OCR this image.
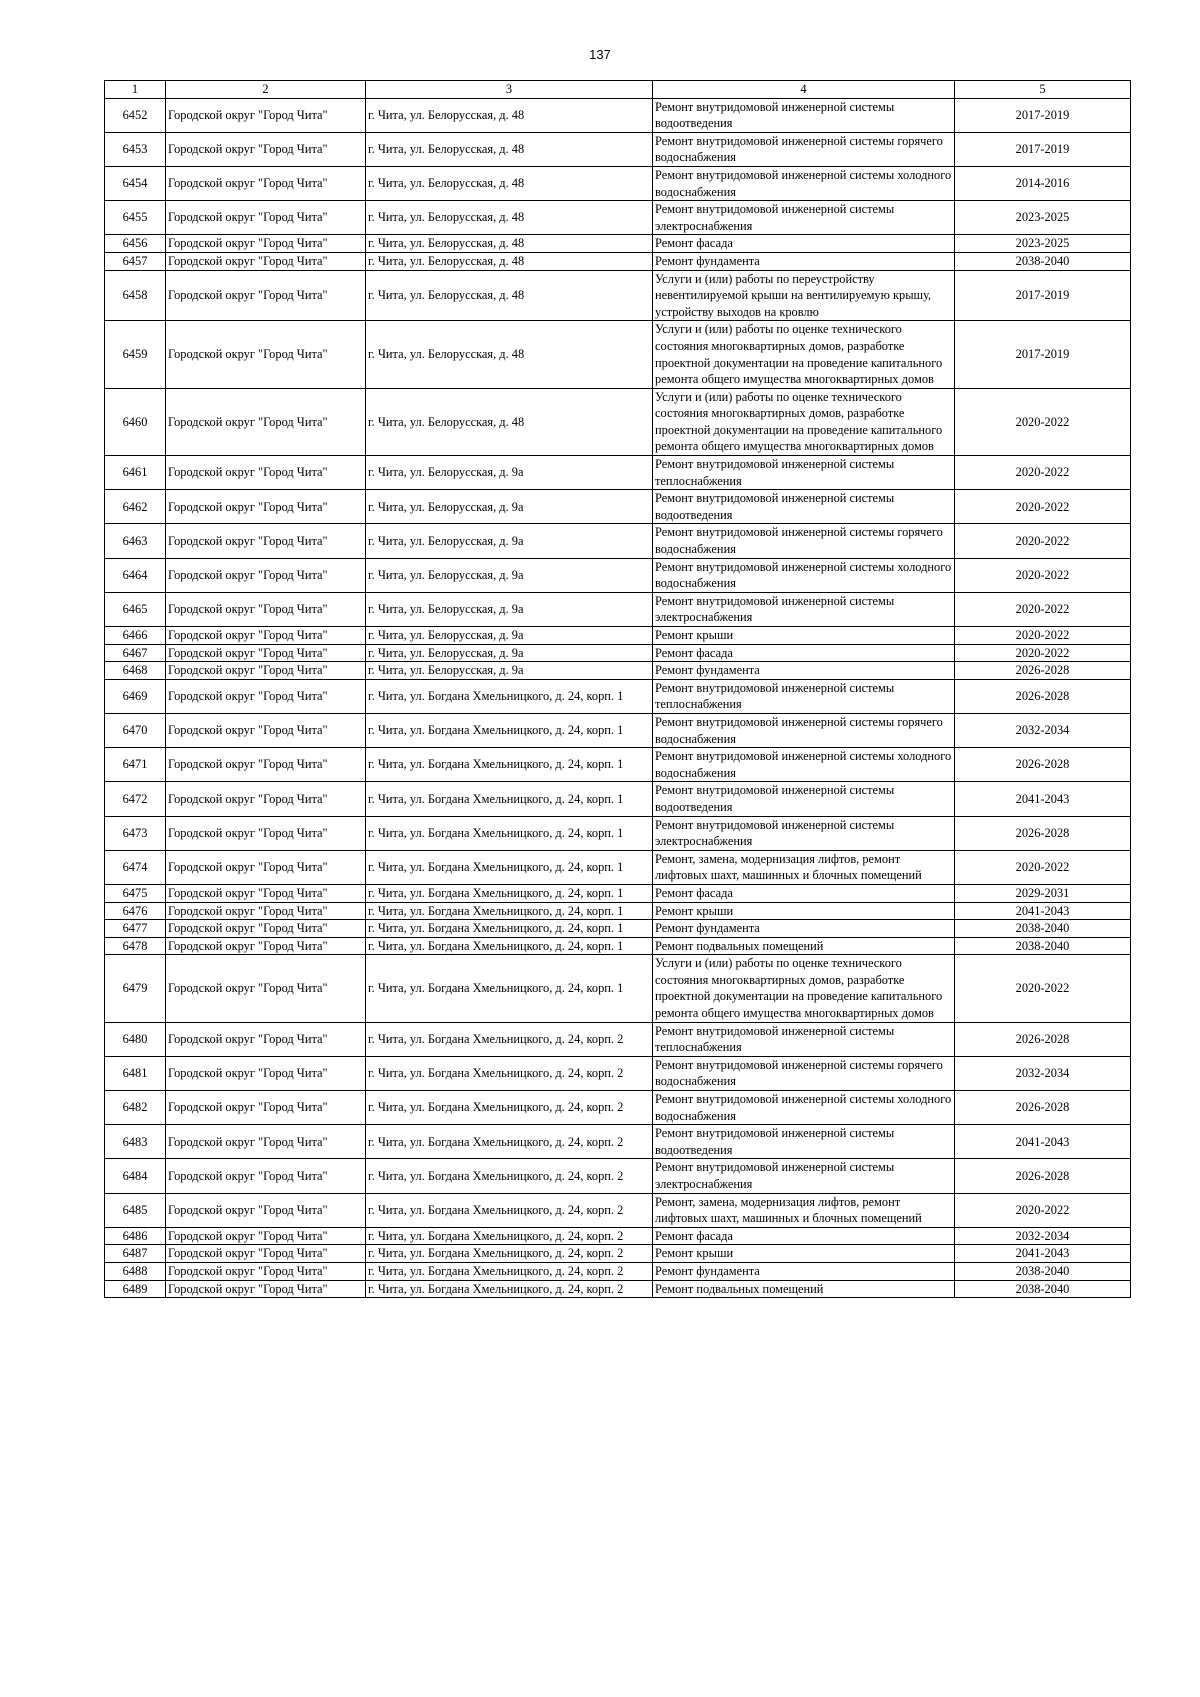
137
1	2	3	4	5
6452	Городской округ "Город Чита"	г. Чита, ул. Белорусская, д. 48	Ремонт внутридомовой инженерной системы водоотведения	2017-2019
6453	Городской округ "Город Чита"	г. Чита, ул. Белорусская, д. 48	Ремонт внутридомовой инженерной системы горячего водоснабжения	2017-2019
6454	Городской округ "Город Чита"	г. Чита, ул. Белорусская, д. 48	Ремонт внутридомовой инженерной системы холодного водоснабжения	2014-2016
6455	Городской округ "Город Чита"	г. Чита, ул. Белорусская, д. 48	Ремонт внутридомовой инженерной системы электроснабжения	2023-2025
6456	Городской округ "Город Чита"	г. Чита, ул. Белорусская, д. 48	Ремонт фасада	2023-2025
6457	Городской округ "Город Чита"	г. Чита, ул. Белорусская, д. 48	Ремонт фундамента	2038-2040
6458	Городской округ "Город Чита"	г. Чита, ул. Белорусская, д. 48	Услуги и (или) работы по переустройству невентилируемой крыши на вентилируемую крышу, устройству выходов на кровлю	2017-2019
6459	Городской округ "Город Чита"	г. Чита, ул. Белорусская, д. 48	Услуги и (или) работы по оценке технического состояния многоквартирных домов, разработке проектной документации на проведение капитального ремонта общего имущества многоквартирных домов	2017-2019
6460	Городской округ "Город Чита"	г. Чита, ул. Белорусская, д. 48	Услуги и (или) работы по оценке технического состояния многоквартирных домов, разработке проектной документации на проведение капитального ремонта общего имущества многоквартирных домов	2020-2022
6461	Городской округ "Город Чита"	г. Чита, ул. Белорусская, д. 9а	Ремонт внутридомовой инженерной системы теплоснабжения	2020-2022
6462	Городской округ "Город Чита"	г. Чита, ул. Белорусская, д. 9а	Ремонт внутридомовой инженерной системы водоотведения	2020-2022
6463	Городской округ "Город Чита"	г. Чита, ул. Белорусская, д. 9а	Ремонт внутридомовой инженерной системы горячего водоснабжения	2020-2022
6464	Городской округ "Город Чита"	г. Чита, ул. Белорусская, д. 9а	Ремонт внутридомовой инженерной системы холодного водоснабжения	2020-2022
6465	Городской округ "Город Чита"	г. Чита, ул. Белорусская, д. 9а	Ремонт внутридомовой инженерной системы электроснабжения	2020-2022
6466	Городской округ "Город Чита"	г. Чита, ул. Белорусская, д. 9а	Ремонт крыши	2020-2022
6467	Городской округ "Город Чита"	г. Чита, ул. Белорусская, д. 9а	Ремонт фасада	2020-2022
6468	Городской округ "Город Чита"	г. Чита, ул. Белорусская, д. 9а	Ремонт фундамента	2026-2028
6469	Городской округ "Город Чита"	г. Чита, ул. Богдана Хмельницкого, д. 24, корп. 1	Ремонт внутридомовой инженерной системы теплоснабжения	2026-2028
6470	Городской округ "Город Чита"	г. Чита, ул. Богдана Хмельницкого, д. 24, корп. 1	Ремонт внутридомовой инженерной системы горячего водоснабжения	2032-2034
6471	Городской округ "Город Чита"	г. Чита, ул. Богдана Хмельницкого, д. 24, корп. 1	Ремонт внутридомовой инженерной системы холодного водоснабжения	2026-2028
6472	Городской округ "Город Чита"	г. Чита, ул. Богдана Хмельницкого, д. 24, корп. 1	Ремонт внутридомовой инженерной системы водоотведения	2041-2043
6473	Городской округ "Город Чита"	г. Чита, ул. Богдана Хмельницкого, д. 24, корп. 1	Ремонт внутридомовой инженерной системы электроснабжения	2026-2028
6474	Городской округ "Город Чита"	г. Чита, ул. Богдана Хмельницкого, д. 24, корп. 1	Ремонт, замена, модернизация лифтов, ремонт лифтовых шахт, машинных и блочных помещений	2020-2022
6475	Городской округ "Город Чита"	г. Чита, ул. Богдана Хмельницкого, д. 24, корп. 1	Ремонт фасада	2029-2031
6476	Городской округ "Город Чита"	г. Чита, ул. Богдана Хмельницкого, д. 24, корп. 1	Ремонт крыши	2041-2043
6477	Городской округ "Город Чита"	г. Чита, ул. Богдана Хмельницкого, д. 24, корп. 1	Ремонт фундамента	2038-2040
6478	Городской округ "Город Чита"	г. Чита, ул. Богдана Хмельницкого, д. 24, корп. 1	Ремонт подвальных помещений	2038-2040
6479	Городской округ "Город Чита"	г. Чита, ул. Богдана Хмельницкого, д. 24, корп. 1	Услуги и (или) работы по оценке технического состояния многоквартирных домов, разработке проектной документации на проведение капитального ремонта общего имущества многоквартирных домов	2020-2022
6480	Городской округ "Город Чита"	г. Чита, ул. Богдана Хмельницкого, д. 24, корп. 2	Ремонт внутридомовой инженерной системы теплоснабжения	2026-2028
6481	Городской округ "Город Чита"	г. Чита, ул. Богдана Хмельницкого, д. 24, корп. 2	Ремонт внутридомовой инженерной системы горячего водоснабжения	2032-2034
6482	Городской округ "Город Чита"	г. Чита, ул. Богдана Хмельницкого, д. 24, корп. 2	Ремонт внутридомовой инженерной системы холодного водоснабжения	2026-2028
6483	Городской округ "Город Чита"	г. Чита, ул. Богдана Хмельницкого, д. 24, корп. 2	Ремонт внутридомовой инженерной системы водоотведения	2041-2043
6484	Городской округ "Город Чита"	г. Чита, ул. Богдана Хмельницкого, д. 24, корп. 2	Ремонт внутридомовой инженерной системы электроснабжения	2026-2028
6485	Городской округ "Город Чита"	г. Чита, ул. Богдана Хмельницкого, д. 24, корп. 2	Ремонт, замена, модернизация лифтов, ремонт лифтовых шахт, машинных и блочных помещений	2020-2022
6486	Городской округ "Город Чита"	г. Чита, ул. Богдана Хмельницкого, д. 24, корп. 2	Ремонт фасада	2032-2034
6487	Городской округ "Город Чита"	г. Чита, ул. Богдана Хмельницкого, д. 24, корп. 2	Ремонт крыши	2041-2043
6488	Городской округ "Город Чита"	г. Чита, ул. Богдана Хмельницкого, д. 24, корп. 2	Ремонт фундамента	2038-2040
6489	Городской округ "Город Чита"	г. Чита, ул. Богдана Хмельницкого, д. 24, корп. 2	Ремонт подвальных помещений	2038-2040
